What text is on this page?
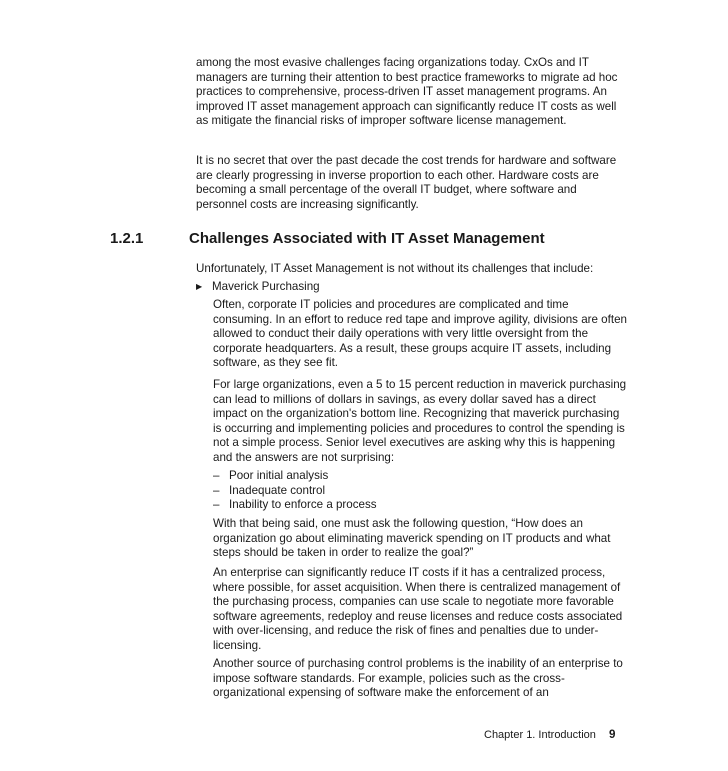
among the most evasive challenges facing organizations today. CxOs and IT managers are turning their attention to best practice frameworks to migrate ad hoc practices to comprehensive, process-driven IT asset management programs. An improved IT asset management approach can significantly reduce IT costs as well as mitigate the financial risks of improper software license management.

It is no secret that over the past decade the cost trends for hardware and software are clearly progressing in inverse proportion to each other. Hardware costs are becoming a small percentage of the overall IT budget, where software and personnel costs are increasing significantly.

1.2.1	Challenges Associated with IT Asset Management

Unfortunately, IT Asset Management is not without its challenges that include:

▶ Maverick Purchasing

Often, corporate IT policies and procedures are complicated and time consuming. In an effort to reduce red tape and improve agility, divisions are often allowed to conduct their daily operations with very little oversight from the corporate headquarters. As a result, these groups acquire IT assets, including software, as they see fit.

For large organizations, even a 5 to 15 percent reduction in maverick purchasing can lead to millions of dollars in savings, as every dollar saved has a direct impact on the organization's bottom line. Recognizing that maverick purchasing is occurring and implementing policies and procedures to control the spending is not a simple process. Senior level executives are asking why this is happening and the answers are not surprising:

– Poor initial analysis
– Inadequate control
– Inability to enforce a process

With that being said, one must ask the following question, “How does an organization go about eliminating maverick spending on IT products and what steps should be taken in order to realize the goal?”

An enterprise can significantly reduce IT costs if it has a centralized process, where possible, for asset acquisition. When there is centralized management of the purchasing process, companies can use scale to negotiate more favorable software agreements, redeploy and reuse licenses and reduce costs associated with over-licensing, and reduce the risk of fines and penalties due to under-licensing.

Another source of purchasing control problems is the inability of an enterprise to impose software standards. For example, policies such as the cross-organizational expensing of software make the enforcement of an

Chapter 1. Introduction 9
